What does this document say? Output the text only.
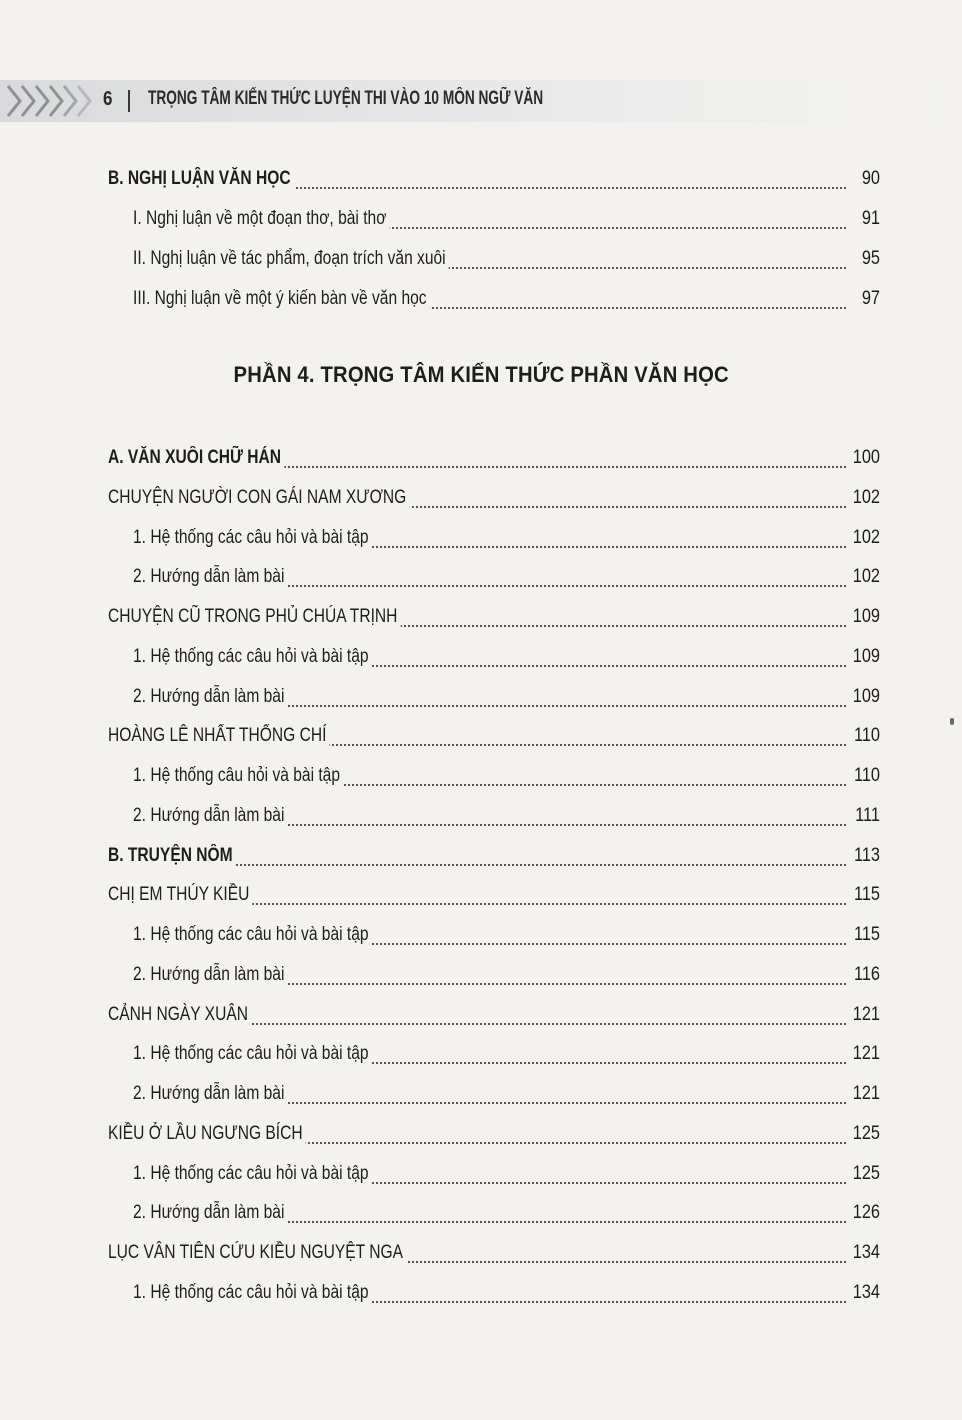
6 TRỌNG TÂM KIẾN THỨC LUYỆN THI VÀO 10 MÔN NGỮ VĂN
B. NGHỊ LUẬN VĂN HỌC	90
I. Nghị luận về một đoạn thơ, bài thơ	91
II. Nghị luận về tác phẩm, đoạn trích văn xuôi	95
III. Nghị luận về một ý kiến bàn về văn học	97
PHẦN 4. TRỌNG TÂM KIẾN THỨC PHẦN VĂN HỌC
A. VĂN XUÔI CHỮ HÁN	100
CHUYỆN NGƯỜI CON GÁI NAM XƯƠNG	102
1. Hệ thống các câu hỏi và bài tập	102
2. Hướng dẫn làm bài	102
CHUYỆN CŨ TRONG PHỦ CHÚA TRỊNH	109
1. Hệ thống các câu hỏi và bài tập	109
2. Hướng dẫn làm bài	109
HOÀNG LÊ NHẤT THỐNG CHÍ	110
1. Hệ thống câu hỏi và bài tập	110
2. Hướng dẫn làm bài	111
B. TRUYỆN NÔM	113
CHỊ EM THÚY KIỀU	115
1. Hệ thống các câu hỏi và bài tập	115
2. Hướng dẫn làm bài	116
CẢNH NGÀY XUÂN	121
1. Hệ thống các câu hỏi và bài tập	121
2. Hướng dẫn làm bài	121
KIỀU Ở LẦU NGƯNG BÍCH	125
1. Hệ thống các câu hỏi và bài tập	125
2. Hướng dẫn làm bài	126
LỤC VÂN TIÊN CỨU KIỀU NGUYỆT NGA	134
1. Hệ thống các câu hỏi và bài tập	134
